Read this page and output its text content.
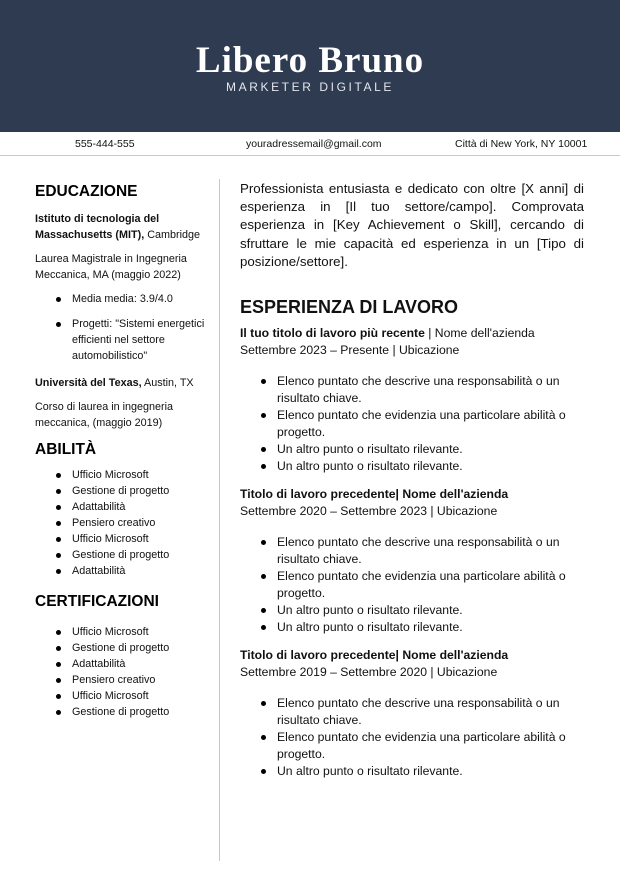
Libero Bruno
MARKETER DIGITALE
555-444-555	youradressemail@gmail.com	Città di New York, NY 10001
EDUCAZIONE
Istituto di tecnologia del Massachusetts (MIT), Cambridge
Laurea Magistrale in Ingegneria Meccanica, MA (maggio 2022)
Media media: 3.9/4.0
Progetti: "Sistemi energetici efficienti nel settore automobilistico"
Università del Texas, Austin, TX
Corso di laurea in ingegneria meccanica, (maggio 2019)
ABILITÀ
Ufficio Microsoft
Gestione di progetto
Adattabilità
Pensiero creativo
Ufficio Microsoft
Gestione di progetto
Adattabilità
CERTIFICAZIONI
Ufficio Microsoft
Gestione di progetto
Adattabilità
Pensiero creativo
Ufficio Microsoft
Gestione di progetto
Professionista entusiasta e dedicato con oltre [X anni] di esperienza in [Il tuo settore/campo]. Comprovata esperienza in [Key Achievement o Skill], cercando di sfruttare le mie capacità ed esperienza in un [Tipo di posizione/settore].
ESPERIENZA DI LAVORO
Il tuo titolo di lavoro più recente | Nome dell'azienda
Settembre 2023 – Presente | Ubicazione
Elenco puntato che descrive una responsabilità o un risultato chiave.
Elenco puntato che evidenzia una particolare abilità o progetto.
Un altro punto o risultato rilevante.
Un altro punto o risultato rilevante.
Titolo di lavoro precedente| Nome dell'azienda
Settembre 2020 – Settembre 2023 | Ubicazione
Elenco puntato che descrive una responsabilità o un risultato chiave.
Elenco puntato che evidenzia una particolare abilità o progetto.
Un altro punto o risultato rilevante.
Un altro punto o risultato rilevante.
Titolo di lavoro precedente| Nome dell'azienda
Settembre 2019 – Settembre 2020 | Ubicazione
Elenco puntato che descrive una responsabilità o un risultato chiave.
Elenco puntato che evidenzia una particolare abilità o progetto.
Un altro punto o risultato rilevante.
